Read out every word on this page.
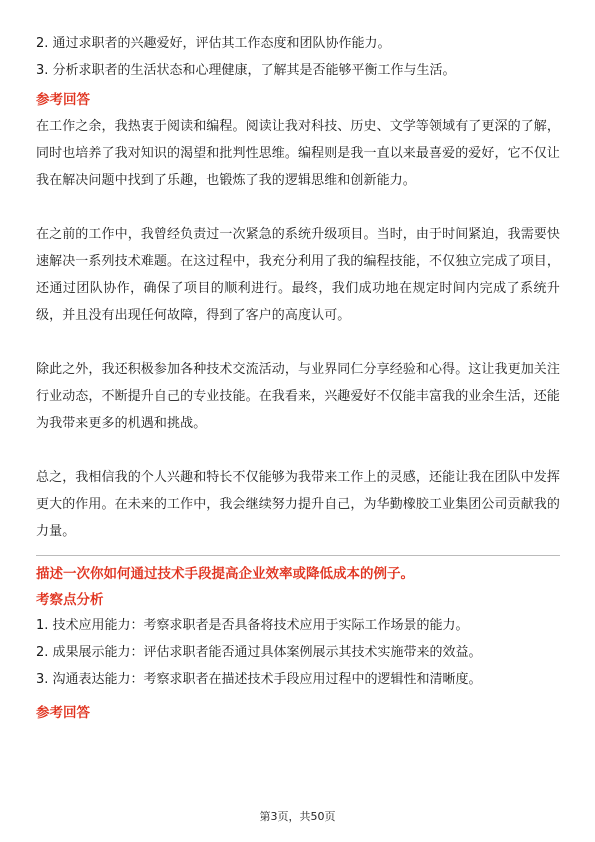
2. 通过求职者的兴趣爱好，评估其工作态度和团队协作能力。

3. 分析求职者的生活状态和心理健康，了解其是否能够平衡工作与生活。

参考回答

在工作之余，我热衷于阅读和编程。阅读让我对科技、历史、文学等领域有了更深的了解，同时也培养了我对知识的渴望和批判性思维。编程则是我一直以来最喜爱的爱好，它不仅让我在解决问题中找到了乐趣，也锻炼了我的逻辑思维和创新能力。

在之前的工作中，我曾经负责过一次紧急的系统升级项目。当时，由于时间紧迫，我需要快速解决一系列技术难题。在这过程中，我充分利用了我的编程技能，不仅独立完成了项目，还通过团队协作，确保了项目的顺利进行。最终，我们成功地在规定时间内完成了系统升级，并且没有出现任何故障，得到了客户的高度认可。

除此之外，我还积极参加各种技术交流活动，与业界同仁分享经验和心得。这让我更加关注行业动态，不断提升自己的专业技能。在我看来，兴趣爱好不仅能丰富我的业余生活，还能为我带来更多的机遇和挑战。

总之，我相信我的个人兴趣和特长不仅能够为我带来工作上的灵感，还能让我在团队中发挥更大的作用。在未来的工作中，我会继续努力提升自己，为华勤橡胶工业集团公司贡献我的力量。

描述一次你如何通过技术手段提高企业效率或降低成本的例子。

考察点分析

1. 技术应用能力：考察求职者是否具备将技术应用于实际工作场景的能力。

2. 成果展示能力：评估求职者能否通过具体案例展示其技术实施带来的效益。

3. 沟通表达能力：考察求职者在描述技术手段应用过程中的逻辑性和清晰度。

参考回答

第3页，共50页
